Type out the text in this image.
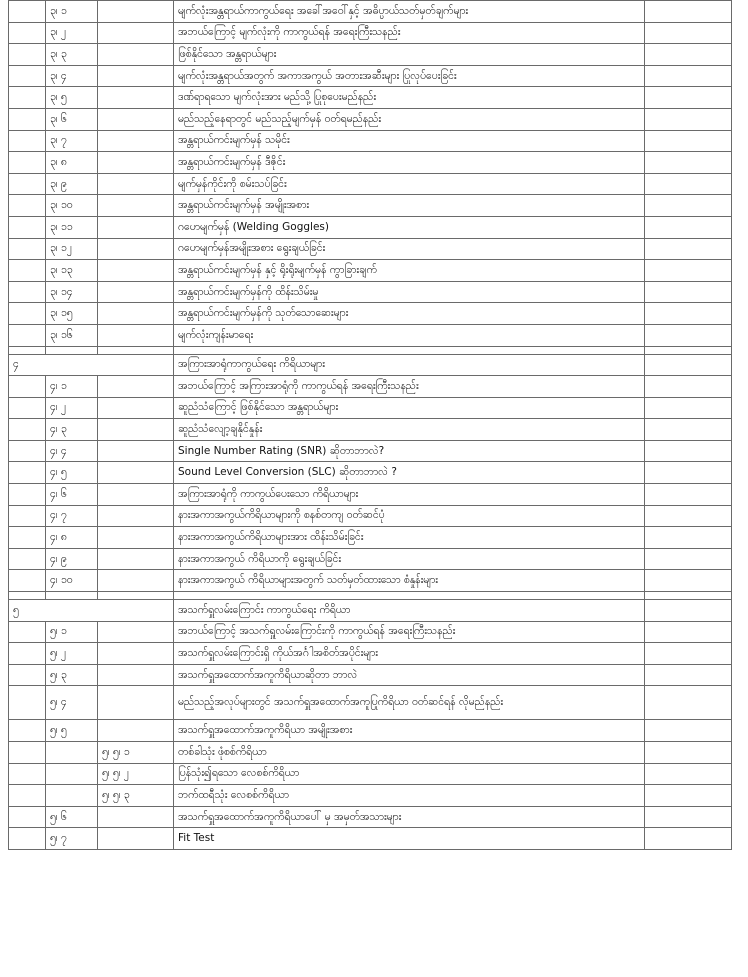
	၃၊ ၁		မျက်လုံးအန္တရာယ်ကာကွယ်ရေး အခေါ်အဝေါ်နှင့် အဓိပ္ပာယ်သတ်မှတ်ချက်များ	
	၃၊ ၂		အဘယ်ကြောင့် မျက်လုံးကို ကာကွယ်ရန် အရေးကြီးသနည်း	
	၃၊ ၃		ဖြစ်နိုင်သော အန္တရာယ်များ	
	၃၊ ၄		မျက်လုံးအန္တရာယ်အတွက် အကာအကွယ် အတားအဆီးများ ပြုလုပ်ပေးခြင်း	
	၃၊ ၅		ဒဏ်ရာရသော မျက်လုံးအား မည်သို့ ပြုစုပေးမည်နည်း	
	၃၊ ၆		မည်သည့်နေရာတွင် မည်သည့်မျက်မှန် ဝတ်ရမည်နည်း	
	၃၊ ၇		အန္တရာယ်ကင်းမျက်မှန် သမိုင်း	
	၃၊ ၈		အန္တရာယ်ကင်းမျက်မှန် ဒီဇိုင်း	
	၃၊ ၉		မျက်မှန်ကိုင်းကို စမ်းသပ်ခြင်း	
	၃၊ ၁၀		အန္တရာယ်ကင်းမျက်မှန် အမျိုးအစား	
	၃၊ ၁၁		ဂဟေမျက်မှန် (Welding Goggles)	
	၃၊ ၁၂		ဂဟေမျက်မှန်အမျိုးအစား ရွေးချယ်ခြင်း	
	၃၊ ၁၃		အန္တရာယ်ကင်းမျက်မှန် နှင့် ရိုးရိုးမျက်မှန် ကွာခြားချက်	
	၃၊ ၁၄		အန္တရာယ်ကင်းမျက်မှန်ကို ထိန်းသိမ်းမှု	
	၃၊ ၁၅		အန္တရာယ်ကင်းမျက်မှန်ကို သုတ်သောဆေးများ	
	၃၊ ၁၆		မျက်လုံးကျန်းမာရေး	

၄			အကြားအာရုံကာကွယ်ရေး ကိရိယာများ	
	၄၊ ၁		အဘယ်ကြောင့် အကြားအာရုံကို ကာကွယ်ရန် အရေးကြီးသနည်း	
	၄၊ ၂		ဆူညံသံကြောင့် ဖြစ်နိုင်သော အန္တရာယ်များ	
	၄၊ ၃		ဆူညံသံလျော့ချနိုင်နှုန်း	
	၄၊ ၄		Single Number Rating (SNR) ဆိုတာဘာလဲ?	
	၄၊ ၅		Sound Level Conversion (SLC) ဆိုတာဘာလဲ ?	
	၄၊ ၆		အကြားအာရုံကို ကာကွယ်ပေးသော ကိရိယာများ	
	၄၊ ၇		နားအကာအကွယ်ကိရိယာများကို စနစ်တကျ ဝတ်ဆင်ပုံ	
	၄၊ ၈		နားအကာအကွယ်ကိရိယာများအား ထိန်းသိမ်းခြင်း	
	၄၊ ၉		နားအကာအကွယ် ကိရိယာကို ရွေးချယ်ခြင်း	
	၄၊ ၁၀		နားအကာအကွယ် ကိရိယာများအတွက် သတ်မှတ်ထားသော စံနှုန်းများ	

၅			အသက်ရှူလမ်းကြောင်း ကာကွယ်ရေး ကိရိယာ	
	၅၊ ၁		အဘယ်ကြောင့် အသက်ရှူလမ်းကြောင်းကို ကာကွယ်ရန် အရေးကြီးသနည်း	
	၅၊ ၂		အသက်ရှူလမ်းကြောင်းရှိ ကိုယ်အင်္ဂါအစိတ်အပိုင်းများ	
	၅၊ ၃		အသက်ရှူအထောက်အကူကိရိယာဆိုတာ ဘာလဲ	
	၅၊ ၄		မည်သည့်အလုပ်များတွင် အသက်ရှူအထောက်အကူပြုကိရိယာ ဝတ်ဆင်ရန် လိုမည်နည်း	
	၅၊ ၅		အသက်ရှူအထောက်အကူကိရိယာ အမျိုးအစား	
		၅၊ ၅၊ ၁	တစ်ခါသုံး ဖုံစစ်ကိရိယာ	
		၅၊ ၅၊ ၂	ပြန်သုံး၍ရသော လေစစ်ကိရိယာ	
		၅၊ ၅၊ ၃	ဘက်ထရီသုံး လေစစ်ကိရိယာ	
	၅၊ ၆		အသက်ရှူအထောက်အကူကိရိယာပေါ် မှ အမှတ်အသားများ	
	၅၊ ၇		Fit Test	
